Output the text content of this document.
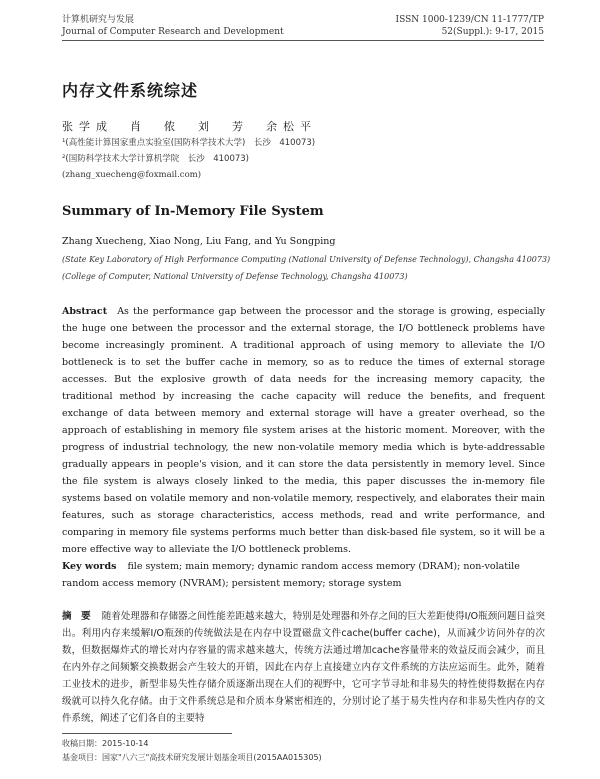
计算机研究与发展
Journal of Computer Research and Development
ISSN 1000-1239/CN 11-1777/TP
52(Suppl.): 9-17, 2015
内存文件系统综述
张学成　肖　侬　刘　芳　余松平
¹(高性能计算国家重点实验室(国防科学技术大学)　长沙　410073)
²(国防科学技术大学计算机学院　长沙　410073)
(zhang_xuecheng@foxmail.com)
Summary of In-Memory File System
Zhang Xuecheng, Xiao Nong, Liu Fang, and Yu Songping
(State Key Laboratory of High Performance Computing (National University of Defense Technology), Changsha 410073)
(College of Computer, National University of Defense Technology, Changsha 410073)
Abstract As the performance gap between the processor and the storage is growing, especially the huge one between the processor and the external storage, the I/O bottleneck problems have become increasingly prominent. A traditional approach of using memory to alleviate the I/O bottleneck is to set the buffer cache in memory, so as to reduce the times of external storage accesses. But the explosive growth of data needs for the increasing memory capacity, the traditional method by increasing the cache capacity will reduce the benefits, and frequent exchange of data between memory and external storage will have a greater overhead, so the approach of establishing in memory file system arises at the historic moment. Moreover, with the progress of industrial technology, the new non-volatile memory media which is byte-addressable gradually appears in people's vision, and it can store the data persistently in memory level. Since the file system is always closely linked to the media, this paper discusses the in-memory file systems based on volatile memory and non-volatile memory, respectively, and elaborates their main features, such as storage characteristics, access methods, read and write performance, and comparing in memory file systems performs much better than disk-based file system, so it will be a more effective way to alleviate the I/O bottleneck problems.
Key words file system; main memory; dynamic random access memory (DRAM); non-volatile random access memory (NVRAM); persistent memory; storage system
摘　要 随着处理器和存储器之间性能差距越来越大，特别是处理器和外存之间的巨大差距使得I/O瓶颈问题日益突出。利用内存来缓解I/O瓶颈的传统做法是在内存中设置磁盘文件cache(buffer cache)，从而减少访问外存的次数，但数据爆炸式的增长对内存容量的需求越来越大，传统方法通过增加cache容量带来的效益反而会减少，而且在内外存之间频繁交换数据会产生较大的开销，因此在内存上直接建立内存文件系统的方法应运而生。此外，随着工业技术的进步，新型非易失性存储介质逐渐出现在人们的视野中，它可字节寻址和非易失的特性使得数据在内存级就可以持久化存储。由于文件系统总是和介质本身紧密相连的，分别讨论了基于易失性内存和非易失性内存的文件系统，阐述了它们各自的主要特
收稿日期：2015-10-14
基金项目：国家"八六三"高技术研究发展计划基金项目(2015AA015305)
